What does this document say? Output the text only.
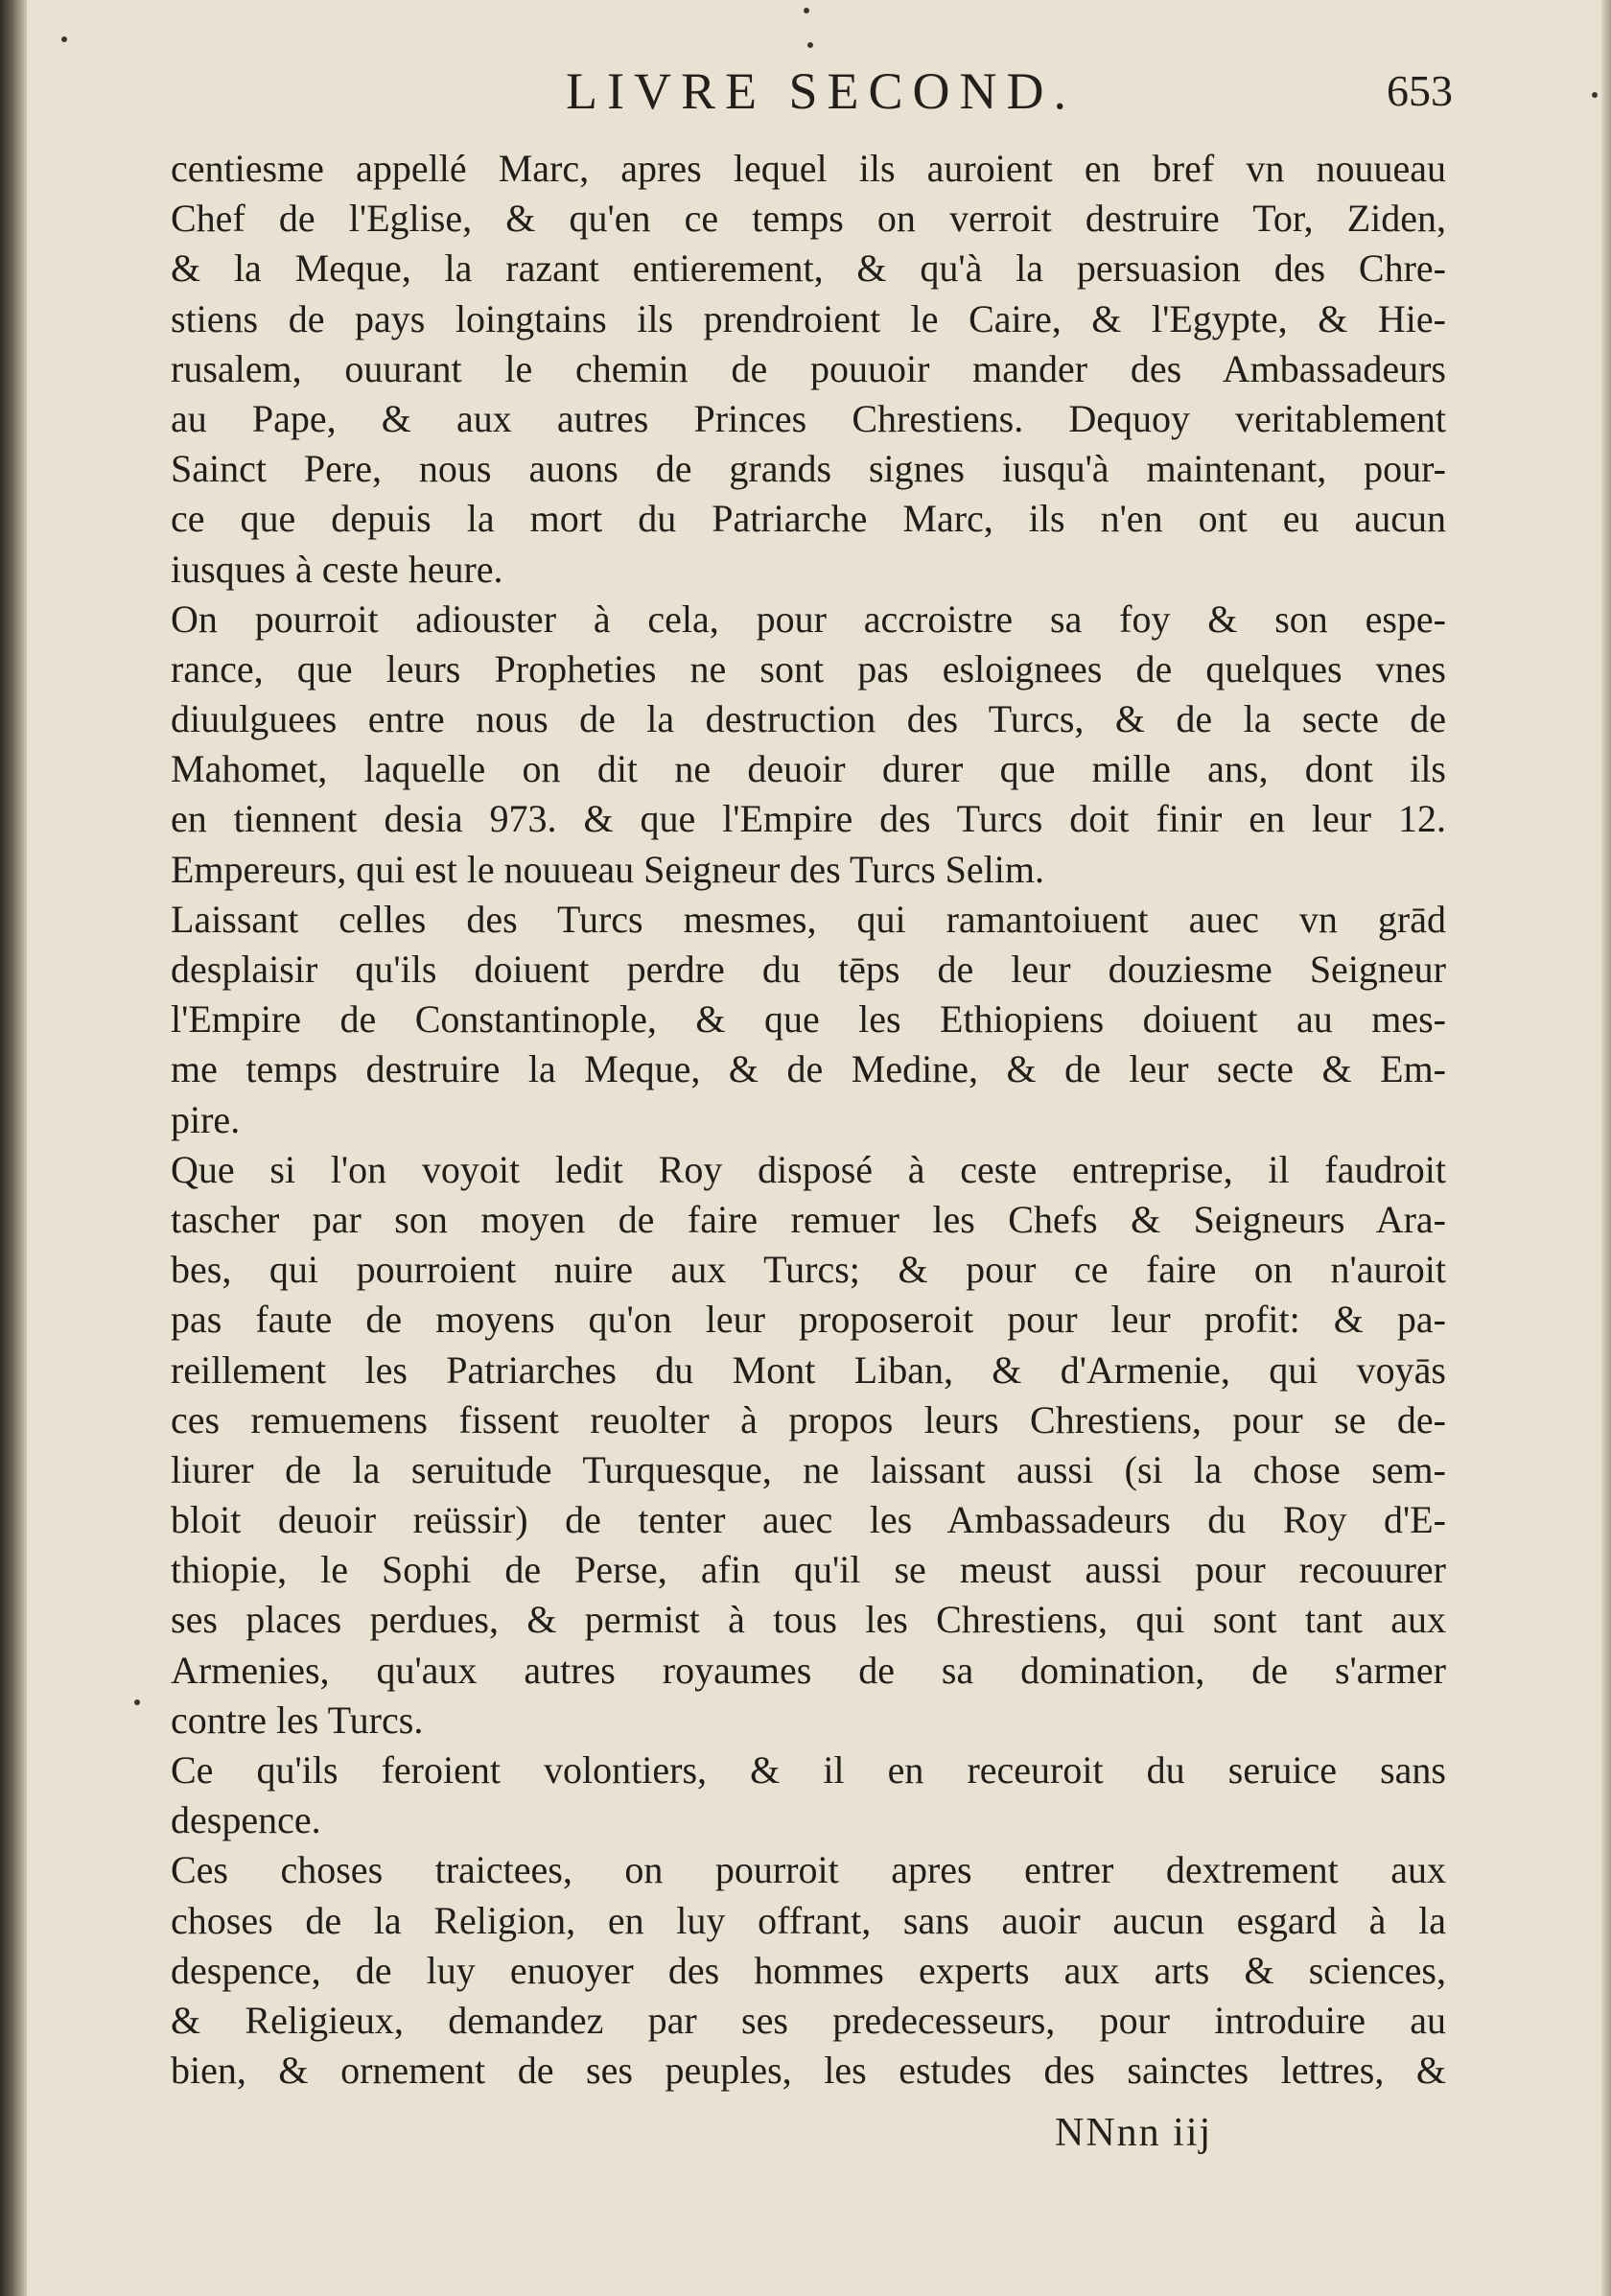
LIVRE SECOND.	653
centiesme appellé Marc, apres lequel ils auroient en bref vn nouueau
Chef de l'Eglise, & qu'en ce temps on verroit destruire Tor, Ziden,
& la Meque, la razant entierement, & qu'à la persuasion des Chre-
stiens de pays loingtains ils prendroient le Caire, & l'Egypte, & Hie-
rusalem, ouurant le chemin de pouuoir mander des Ambassadeurs
au Pape, & aux autres Princes Chrestiens. Dequoy veritablement
Sainct Pere, nous auons de grands signes iusqu'à maintenant, pour-
ce que depuis la mort du Patriarche Marc, ils n'en ont eu aucun
iusques à ceste heure.
On pourroit adiouster à cela, pour accroistre sa foy & son espe-
rance, que leurs Propheties ne sont pas esloignees de quelques vnes
diuulguees entre nous de la destruction des Turcs, & de la secte de
Mahomet, laquelle on dit ne deuoir durer que mille ans, dont ils
en tiennent desia 973. & que l'Empire des Turcs doit finir en leur 12.
Empereurs, qui est le nouueau Seigneur des Turcs Selim.
Laissant celles des Turcs mesmes, qui ramantoiuent auec vn grād
desplaisir qu'ils doiuent perdre du tēps de leur douziesme Seigneur
l'Empire de Constantinople, & que les Ethiopiens doiuent au mes-
me temps destruire la Meque, & de Medine, & de leur secte & Em-
pire.
Que si l'on voyoit ledit Roy disposé à ceste entreprise, il faudroit
tascher par son moyen de faire remuer les Chefs & Seigneurs Ara-
bes, qui pourroient nuire aux Turcs; & pour ce faire on n'auroit
pas faute de moyens qu'on leur proposeroit pour leur profit: & pa-
reillement les Patriarches du Mont Liban, & d'Armenie, qui voyās
ces remuemens fissent reuolter à propos leurs Chrestiens, pour se de-
liurer de la seruitude Turquesque, ne laissant aussi (si la chose sem-
bloit deuoir reüssir) de tenter auec les Ambassadeurs du Roy d'E-
thiopie, le Sophi de Perse, afin qu'il se meust aussi pour recouurer
ses places perdues, & permist à tous les Chrestiens, qui sont tant aux
Armenies, qu'aux autres royaumes de sa domination, de s'armer
contre les Turcs.
Ce qu'ils feroient volontiers, & il en receuroit du seruice sans
despence.
Ces choses traictees, on pourroit apres entrer dextrement aux
choses de la Religion, en luy offrant, sans auoir aucun esgard à la
despence, de luy enuoyer des hommes experts aux arts & sciences,
& Religieux, demandez par ses predecesseurs, pour introduire au
bien, & ornement de ses peuples, les estudes des sainctes lettres, &
NNnn iij
